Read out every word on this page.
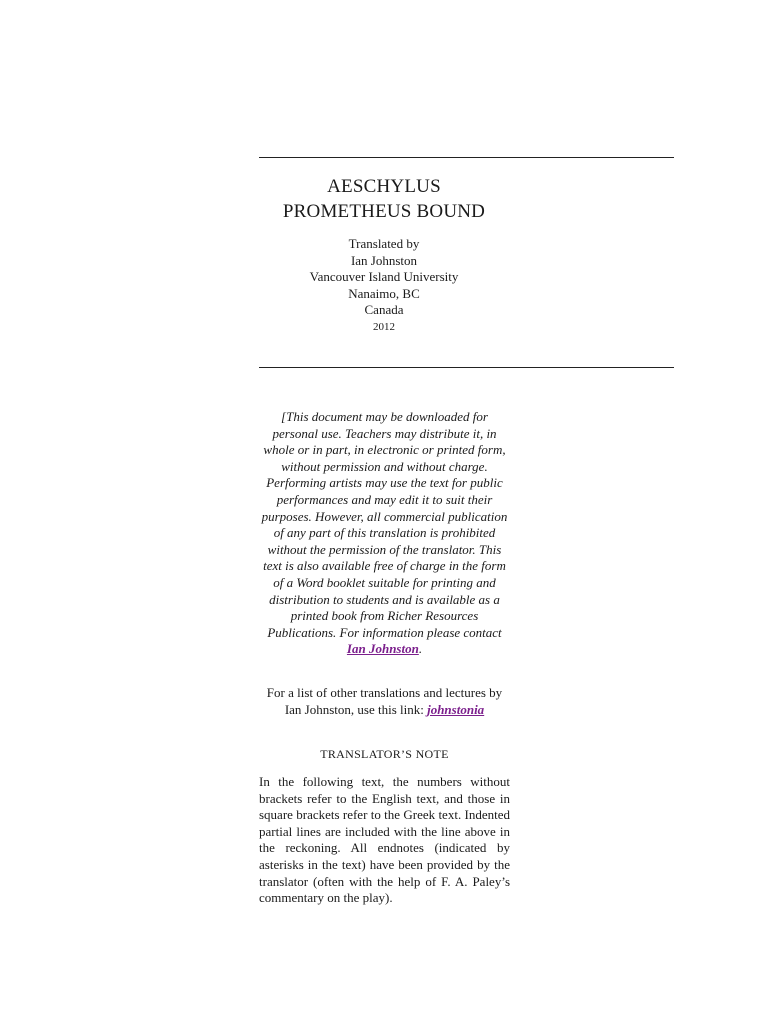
AESCHYLUS
PROMETHEUS BOUND
Translated by
Ian Johnston
Vancouver Island University
Nanaimo, BC
Canada
2012
[This document may be downloaded for personal use. Teachers may distribute it, in whole or in part, in electronic or printed form, without permission and without charge. Performing artists may use the text for public performances and may edit it to suit their purposes. However, all commercial publication of any part of this translation is prohibited without the permission of the translator. This text is also available free of charge in the form of a Word booklet suitable for printing and distribution to students and is available as a printed book from Richer Resources Publications. For information please contact Ian Johnston.
For a list of other translations and lectures by Ian Johnston, use this link: johnstonia
TRANSLATOR’S NOTE
In the following text, the numbers without brackets refer to the English text, and those in square brackets refer to the Greek text. Indented partial lines are included with the line above in the reckoning. All endnotes (indicated by asterisks in the text) have been provided by the translator (often with the help of F. A. Paley’s commentary on the play).
